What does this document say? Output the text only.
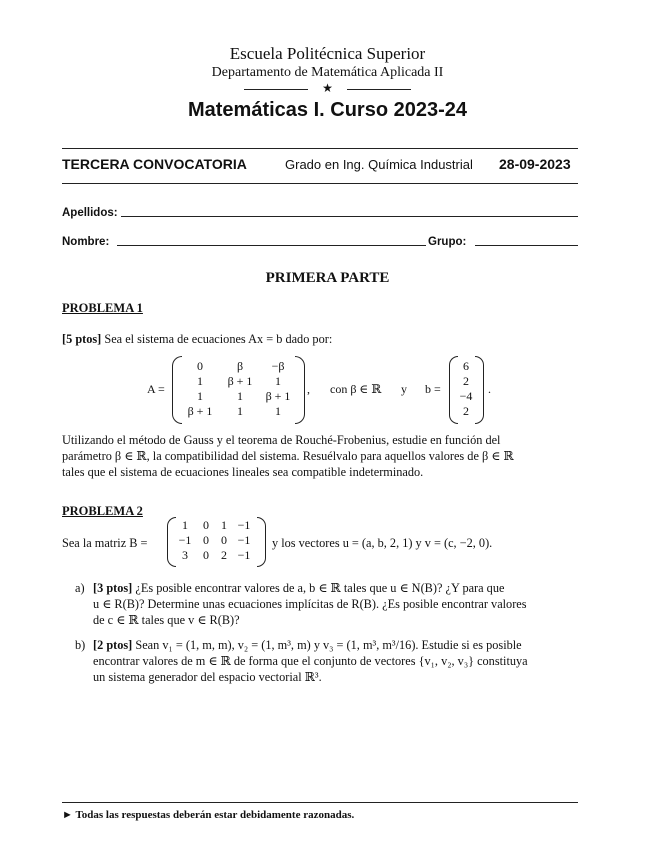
Escuela Politécnica Superior
Departamento de Matemática Aplicada II
★
Matemáticas I. Curso 2023-24
TERCERA CONVOCATORIA	Grado en Ing. Química Industrial 28-09-2023
Apellidos:
Nombre:	Grupo:
PRIMERA PARTE
PROBLEMA 1
[5 ptos] Sea el sistema de ecuaciones Ax = b dado por:
A =
0	β	−β
1	β + 1	1
1	1	β + 1
β + 1	1	1
, con β ∈ ℝ y b =
6
2
−4
2
.
Utilizando el método de Gauss y el teorema de Rouché-Frobenius, estudie en función del
parámetro β ∈ ℝ, la compatibilidad del sistema. Resuélvalo para aquellos valores de β ∈ ℝ
tales que el sistema de ecuaciones lineales sea compatible indeterminado.
PROBLEMA 2
Sea la matriz B =
1	0	1 −1
−1 0	0 −1
3	0	2 −1
y los vectores u = (a, b, 2, 1) y v = (c, −2, 0).
a) [3 ptos] ¿Es posible encontrar valores de a, b ∈ ℝ tales que u ∈ N(B)? ¿Y para que
u ∈ R(B)? Determine unas ecuaciones implícitas de R(B). ¿Es posible encontrar valores
de c ∈ ℝ tales que v ∈ R(B)?
b) [2 ptos] Sean v₁ = (1, m, m), v₂ = (1, m³, m) y v₃ = (1, m³, m³/16). Estudie si es posible
encontrar valores de m ∈ ℝ de forma que el conjunto de vectores {v₁, v₂, v₃} constituya
un sistema generador del espacio vectorial ℝ³.
► Todas las respuestas deberán estar debidamente razonadas.
